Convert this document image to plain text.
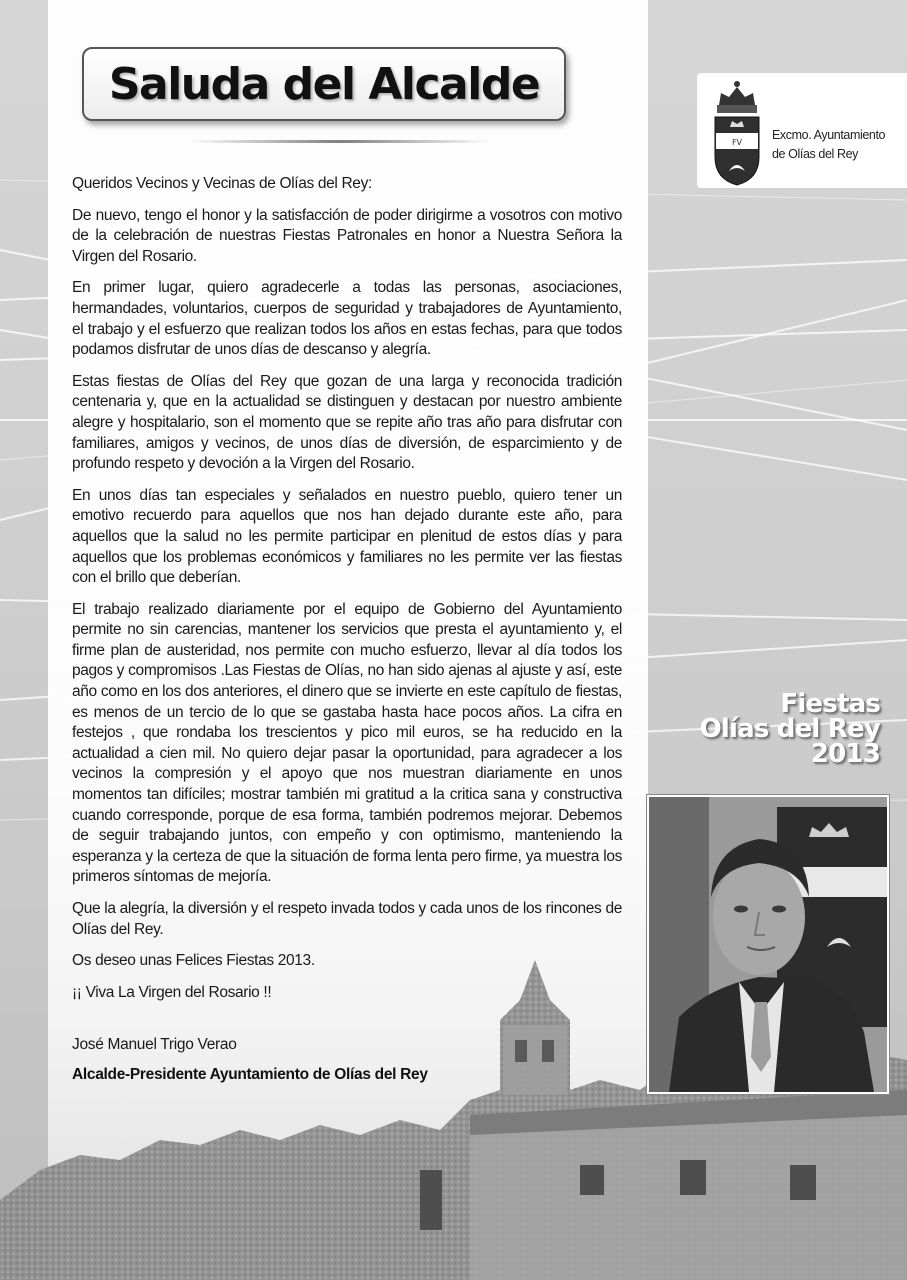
Saluda del Alcalde
FV
Excmo. Ayuntamiento
de Olías del Rey
Fiestas
Olías del Rey
2013

Queridos Vecinos y Vecinas de Olías del Rey:

De nuevo, tengo el honor y la satisfacción de poder dirigirme a vosotros con motivo de la celebración de nuestras Fiestas Patronales en honor a Nuestra Señora la Virgen del Rosario.

En primer lugar, quiero agradecerle a todas las personas, asociaciones, hermandades, voluntarios, cuerpos de seguridad y trabajadores de Ayuntamiento, el trabajo y el esfuerzo que realizan todos los años en estas fechas, para que todos podamos disfrutar de unos días de descanso y alegría.

Estas fiestas de Olías del Rey que gozan de una larga y reconocida tradición centenaria y, que en la actualidad se distinguen y destacan por nuestro ambiente alegre y hospitalario, son el momento que se repite año tras año para disfrutar con familiares, amigos y vecinos, de unos días de diversión, de esparcimiento y de profundo respeto y devoción a la Virgen del Rosario.

En unos días tan especiales y señalados en nuestro pueblo, quiero tener un emotivo recuerdo para aquellos que nos han dejado durante este año, para aquellos que la salud no les permite participar en plenitud de estos días y para aquellos que los problemas económicos y familiares no les permite ver las fiestas con el brillo que deberían.

El trabajo realizado diariamente por el equipo de Gobierno del Ayuntamiento permite no sin carencias, mantener los servicios que presta el ayuntamiento y, el firme plan de austeridad, nos permite con mucho esfuerzo, llevar al día todos los pagos y compromisos .Las Fiestas de Olías, no han sido ajenas al ajuste y así, este año como en los dos anteriores, el dinero que se invierte en este capítulo de fiestas, es menos de un tercio de lo que se gastaba hasta hace pocos años. La cifra en festejos , que rondaba los trescientos y pico mil euros, se ha reducido en la actualidad a cien mil. No quiero dejar pasar la oportunidad, para agradecer a los vecinos la compresión y el apoyo que nos muestran diariamente en unos momentos tan difíciles; mostrar también mi gratitud a la critica sana y constructiva cuando corresponde, porque de esa forma, también podremos mejorar. Debemos de seguir trabajando juntos, con empeño y con optimismo, manteniendo la esperanza y la certeza de que la situación de forma lenta pero firme, ya muestra los primeros síntomas de mejoría.

Que la alegría, la diversión y el respeto invada todos y cada unos de los rincones de Olías del Rey.

Os deseo unas Felices Fiestas 2013.

¡¡ Viva La Virgen del Rosario !!

José Manuel Trigo Verao
Alcalde-Presidente Ayuntamiento de Olías del Rey
